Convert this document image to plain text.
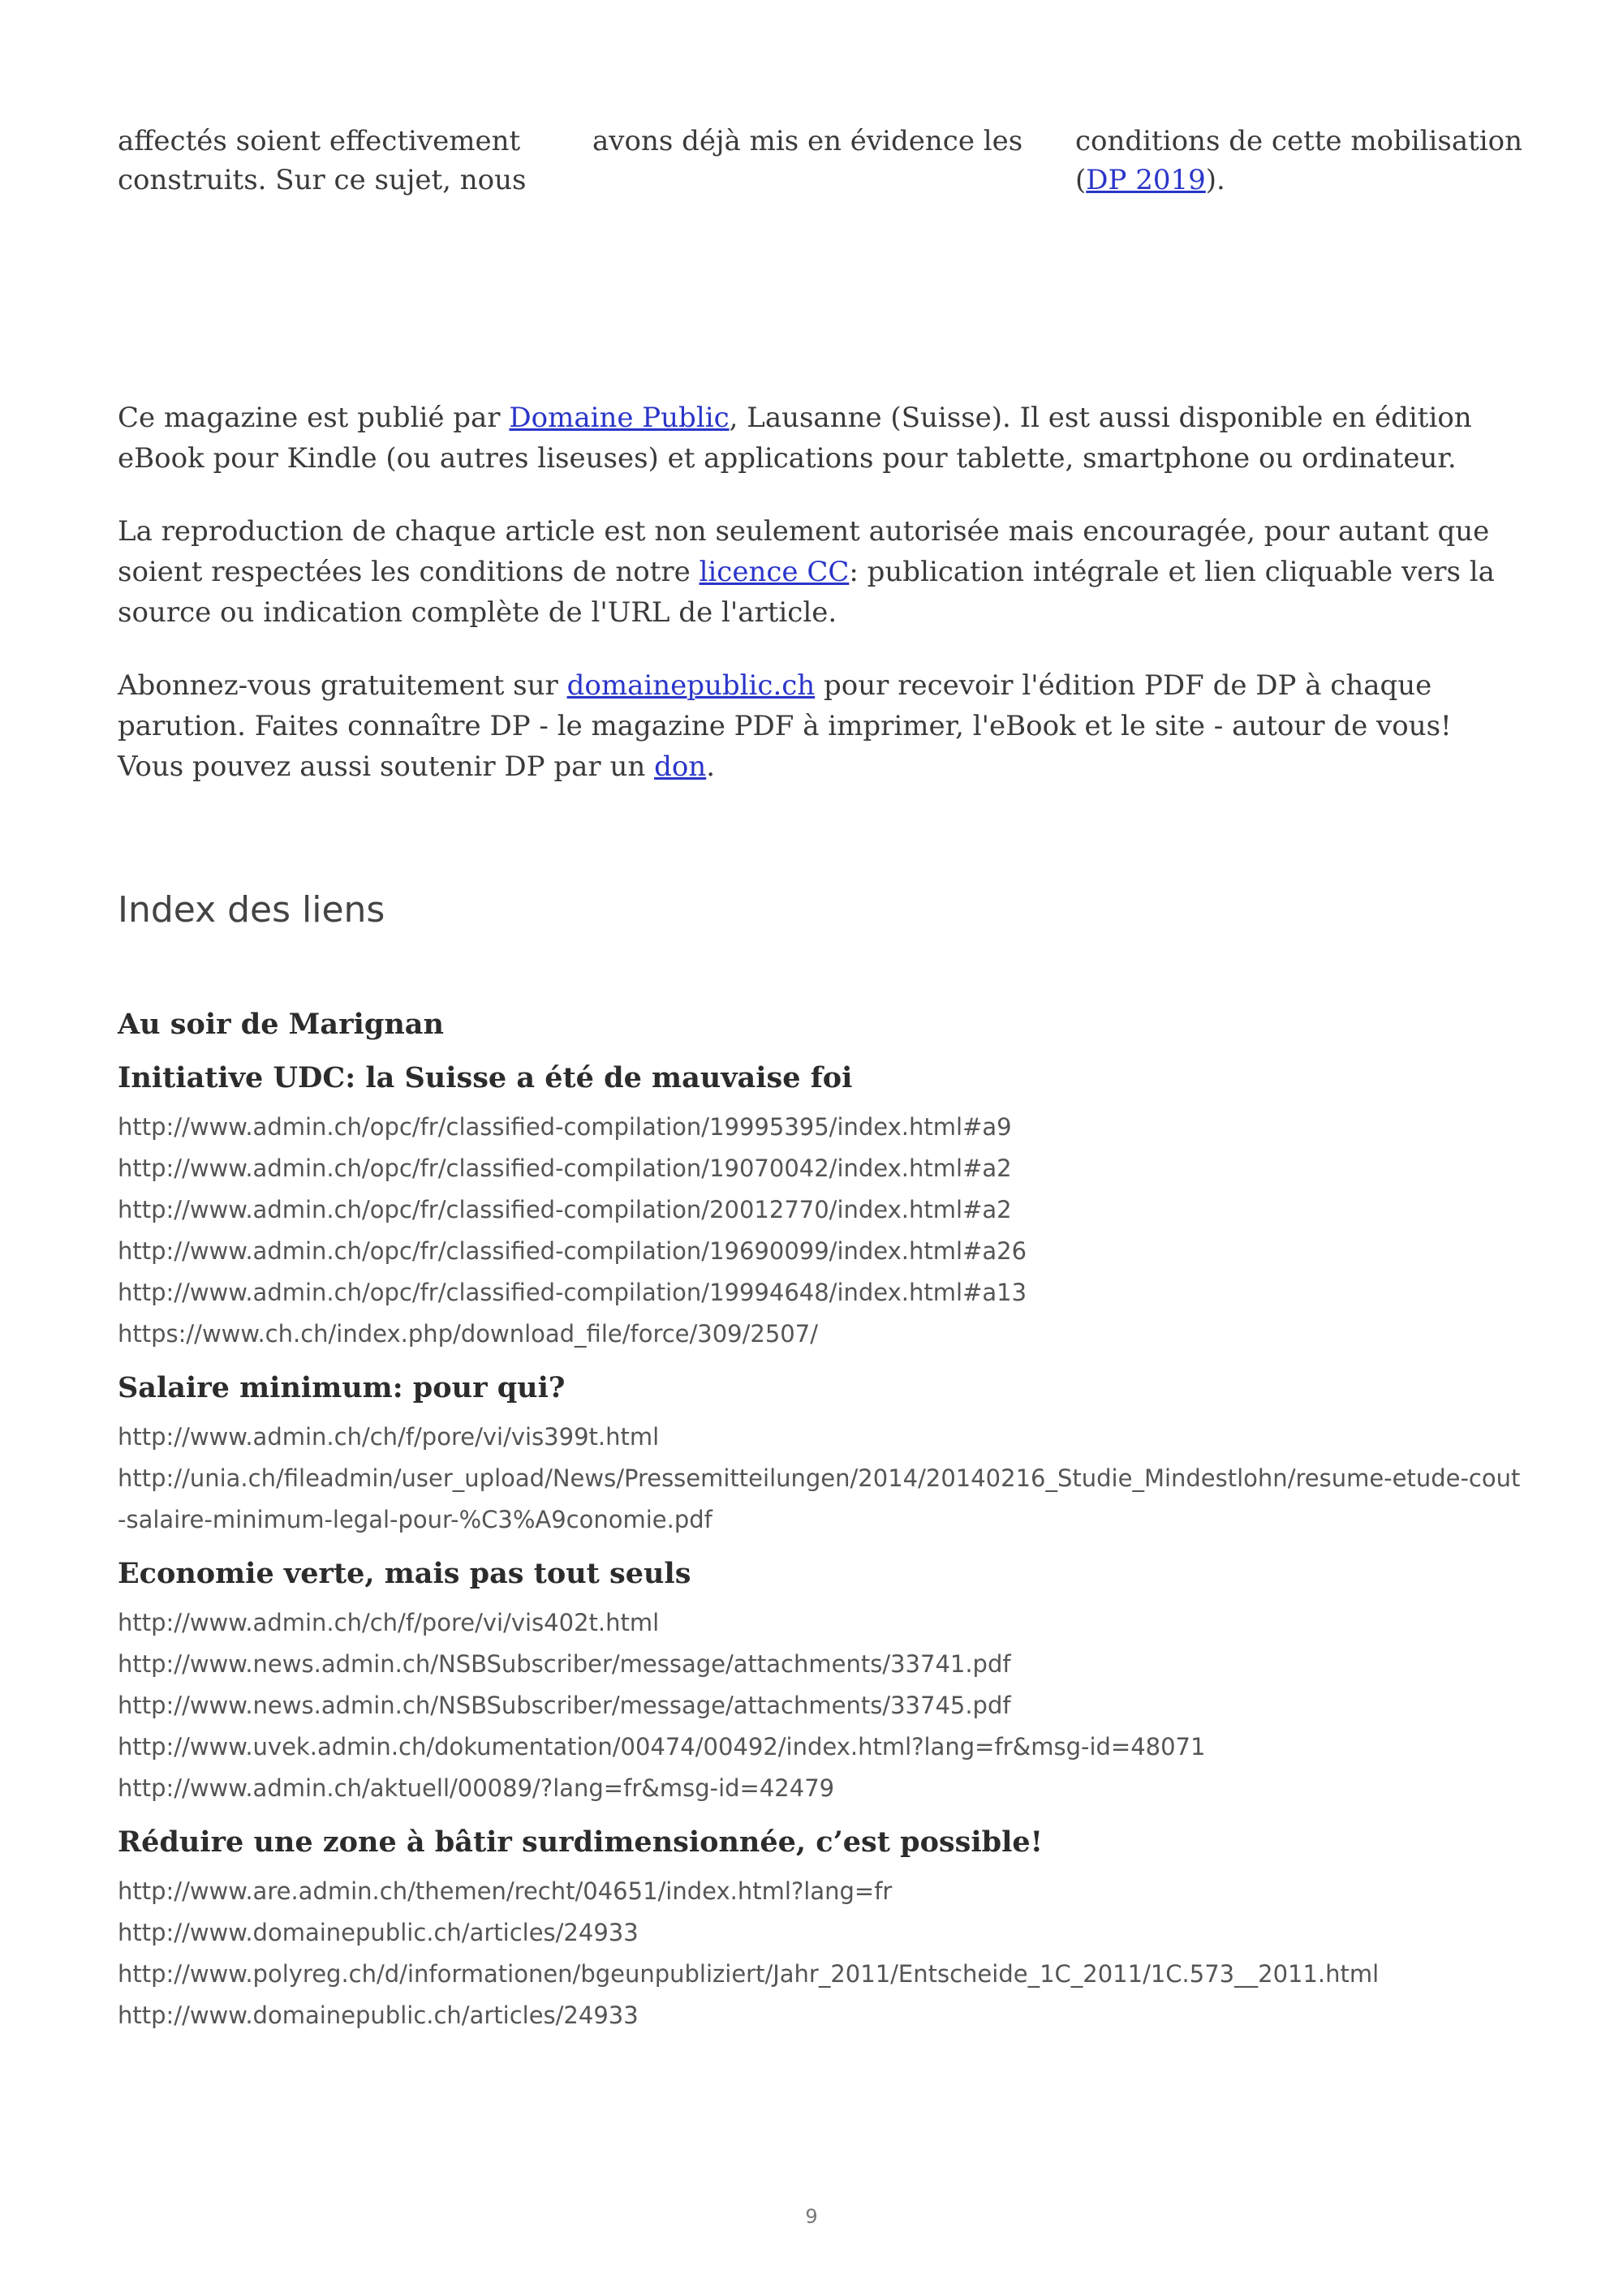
affectés soient effectivement

construits. Sur ce sujet, nous

avons déjà mis en évidence les	conditions de cette mobilisation

(DP 2019).

Ce magazine est publié par Domaine Public, Lausanne (Suisse). Il est aussi disponible en édition eBook pour Kindle (ou autres liseuses) et applications pour tablette, smartphone ou ordinateur.

La reproduction de chaque article est non seulement autorisée mais encouragée, pour autant que soient respectées les conditions de notre licence CC: publication intégrale et lien cliquable vers la source ou indication complète de l'URL de l'article.

Abonnez-vous gratuitement sur domainepublic.ch pour recevoir l'édition PDF de DP à chaque parution. Faites connaître DP - le magazine PDF à imprimer, l'eBook et le site - autour de vous! Vous pouvez aussi soutenir DP par un don.

Index des liens
Au soir de Marignan
Initiative UDC: la Suisse a été de mauvaise foi
http://www.admin.ch/opc/fr/classified-compilation/19995395/index.html#a9
http://www.admin.ch/opc/fr/classified-compilation/19070042/index.html#a2
http://www.admin.ch/opc/fr/classified-compilation/20012770/index.html#a2
http://www.admin.ch/opc/fr/classified-compilation/19690099/index.html#a26
http://www.admin.ch/opc/fr/classified-compilation/19994648/index.html#a13
https://www.ch.ch/index.php/download_file/force/309/2507/
Salaire minimum: pour qui?
http://www.admin.ch/ch/f/pore/vi/vis399t.html
http://unia.ch/fileadmin/user_upload/News/Pressemitteilungen/2014/20140216_Studie_Mindestlohn/resume-etude-cout-salaire-minimum-legal-pour-%C3%A9conomie.pdf
Economie verte, mais pas tout seuls
http://www.admin.ch/ch/f/pore/vi/vis402t.html
http://www.news.admin.ch/NSBSubscriber/message/attachments/33741.pdf
http://www.news.admin.ch/NSBSubscriber/message/attachments/33745.pdf
http://www.uvek.admin.ch/dokumentation/00474/00492/index.html?lang=fr&msg-id=48071
http://www.admin.ch/aktuell/00089/?lang=fr&msg-id=42479
Réduire une zone à bâtir surdimensionnée, c’est possible!
http://www.are.admin.ch/themen/recht/04651/index.html?lang=fr
http://www.domainepublic.ch/articles/24933
http://www.polyreg.ch/d/informationen/bgeunpubliziert/Jahr_2011/Entscheide_1C_2011/1C.573__2011.html
http://www.domainepublic.ch/articles/24933
9
